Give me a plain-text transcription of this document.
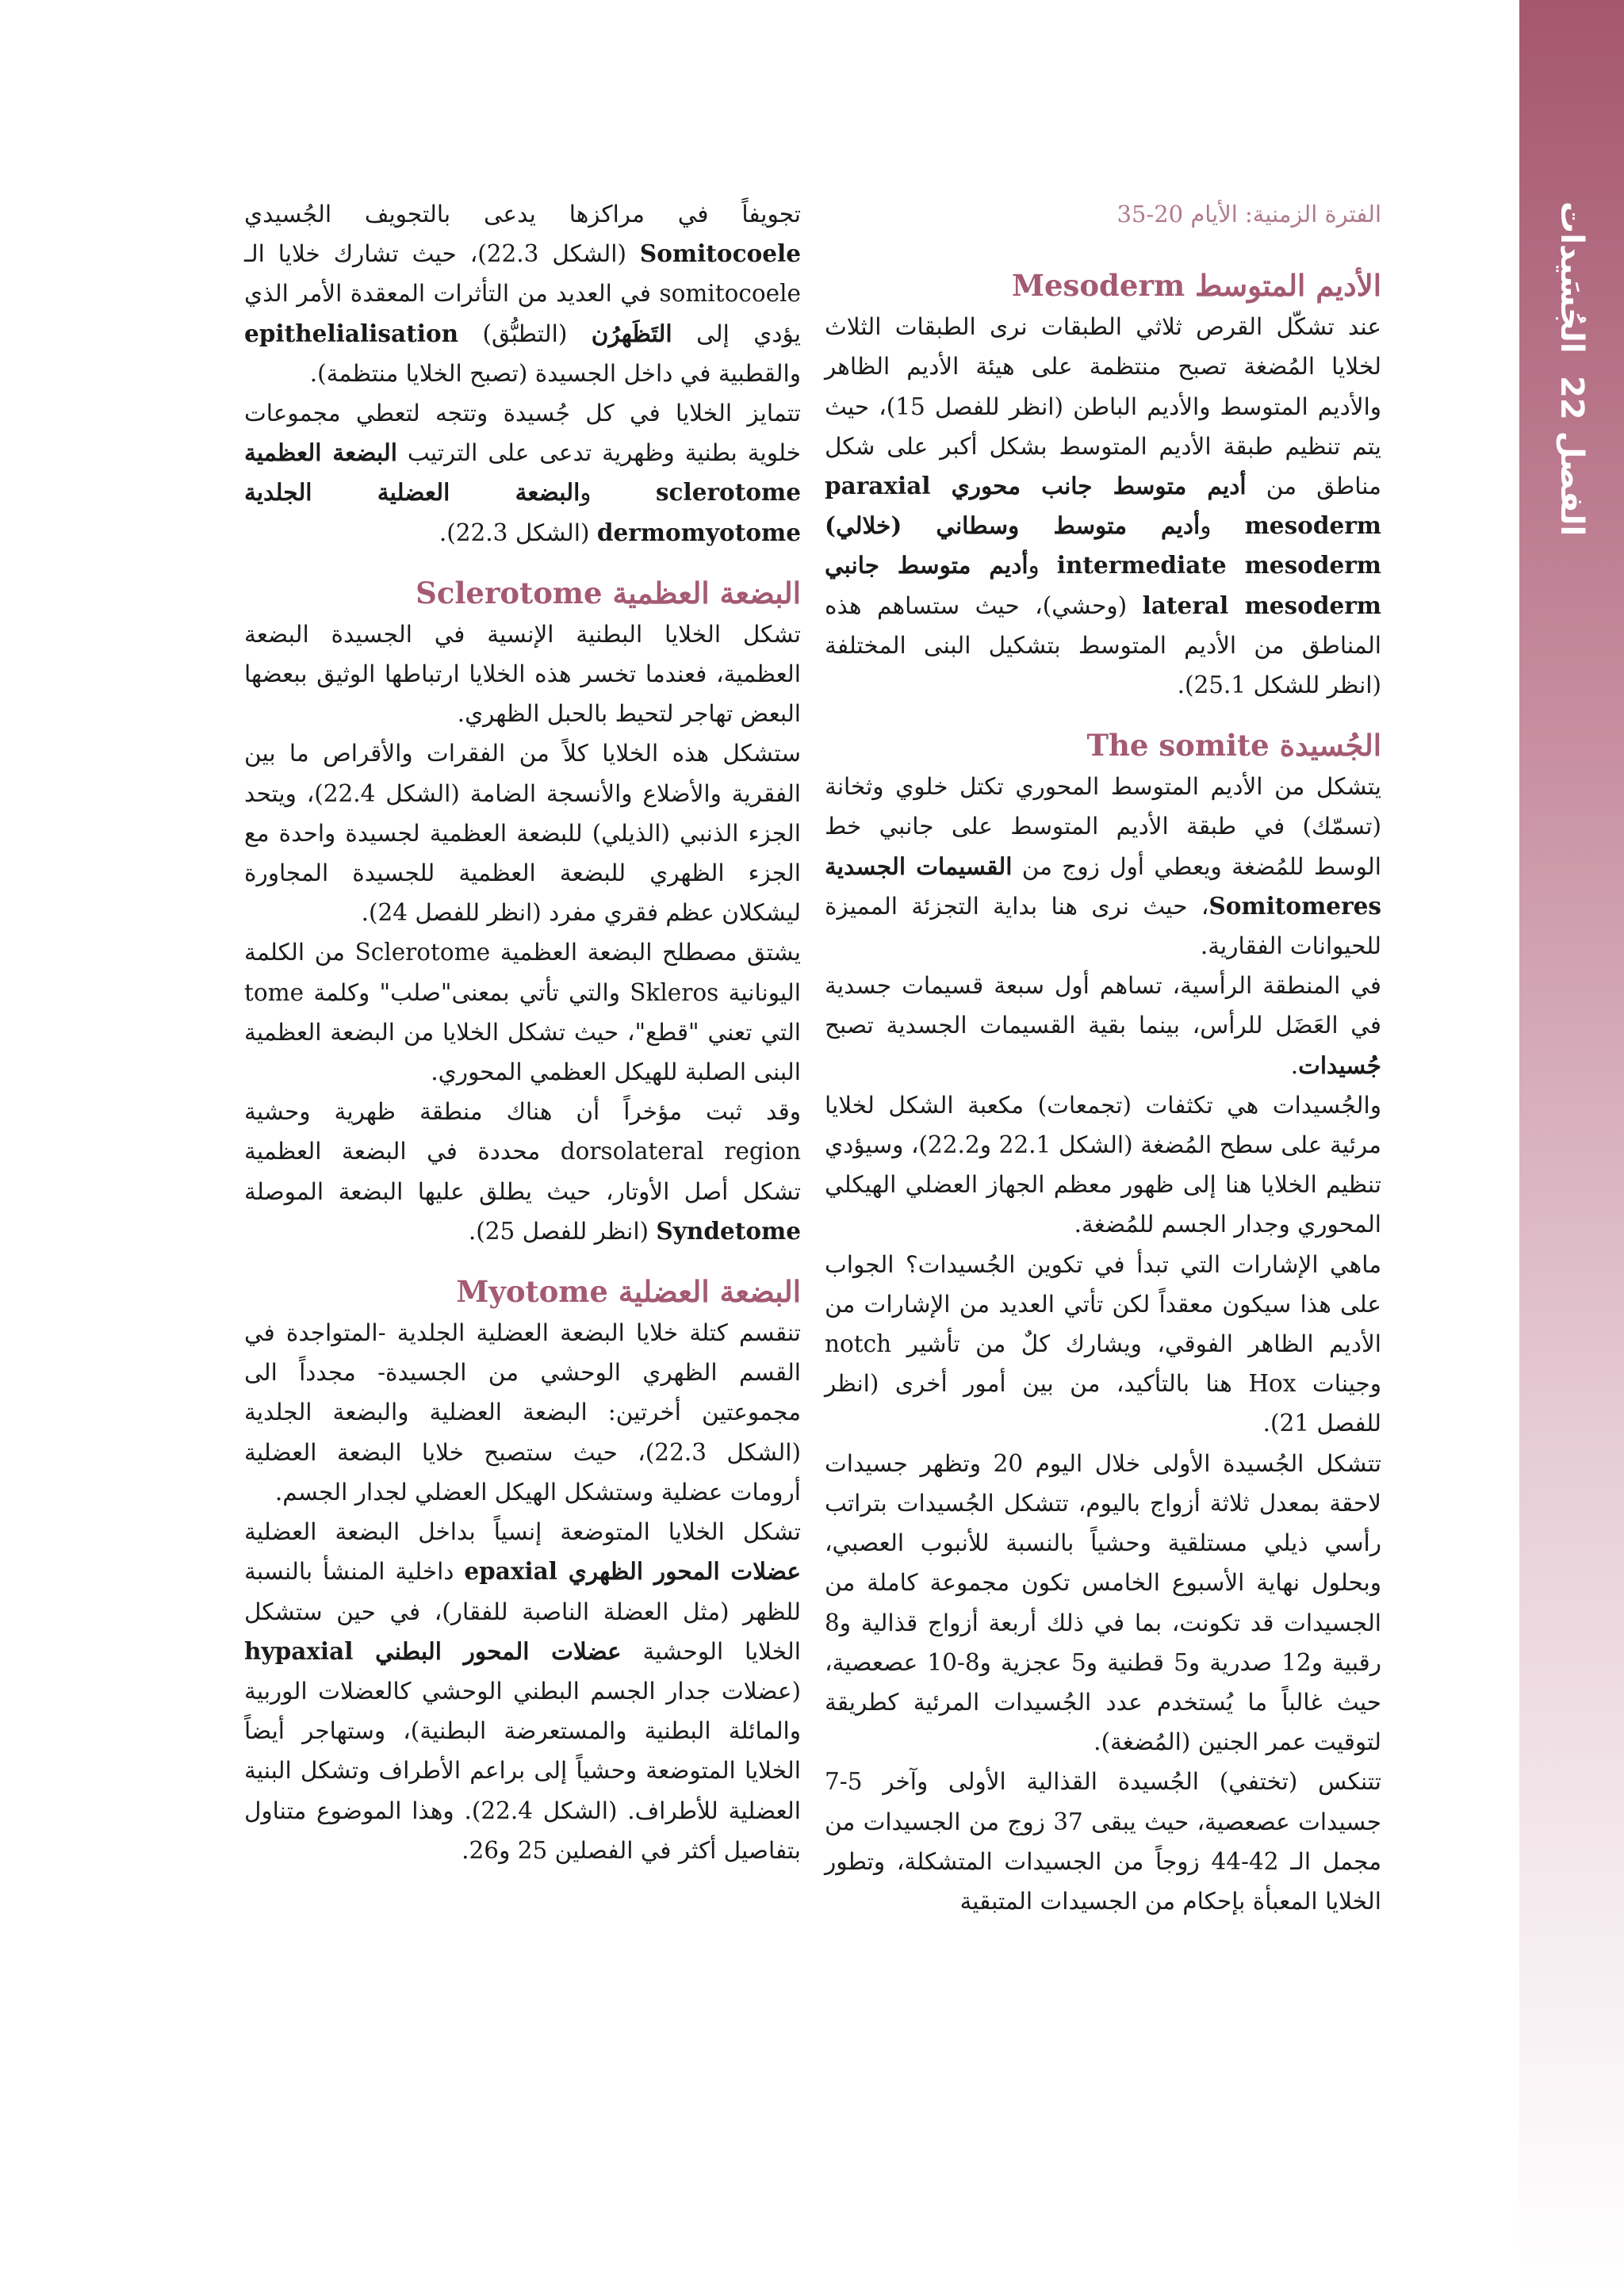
الفصل 22

الجُسَيدات

الفترة الزمنية: الأيام 20-35

الأديم المتوسط Mesoderm

عند تشكّل القرص ثلاثي الطبقات نرى الطبقات الثلاث لخلايا المُضغة تصبح منتظمة على هيئة الأديم الظاهر والأديم المتوسط والأديم الباطن (انظر للفصل 15)، حيث يتم تنظيم طبقة الأديم المتوسط بشكل أكبر على شكل مناطق من أديم متوسط جانب محوري paraxial mesoderm وأديم متوسط وسطاني (خلالي) intermediate mesoderm وأديم متوسط جانبي lateral mesoderm (وحشي)، حيث ستساهم هذه المناطق من الأديم المتوسط بتشكيل البنى المختلفة (انظر للشكل 25.1).

الجُسيدة The somite

يتشكل من الأديم المتوسط المحوري تكتل خلوي وثخانة (تسمّك) في طبقة الأديم المتوسط على جانبي خط الوسط للمُضغة ويعطي أول زوج من القسيمات الجسدية Somitomeres، حيث نرى هنا بداية التجزئة المميزة للحيوانات الفقارية.

في المنطقة الرأسية، تساهم أول سبعة قسيمات جسدية في العَضَل للرأس، بينما بقية القسيمات الجسدية تصبح جُسيدات.

والجُسيدات هي تكثفات (تجمعات) مكعبة الشكل لخلايا مرئية على سطح المُضغة (الشكل 22.1 و22.2)، وسيؤدي تنظيم الخلايا هنا إلى ظهور معظم الجهاز العضلي الهيكلي المحوري وجدار الجسم للمُضغة.

ماهي الإشارات التي تبدأ في تكوين الجُسيدات؟ الجواب على هذا سيكون معقداً لكن تأتي العديد من الإشارات من الأديم الظاهر الفوقي، ويشارك كلٌ من تأشير notch وجينات Hox هنا بالتأكيد، من بين أمور أخرى (انظر للفصل 21).

تتشكل الجُسيدة الأولى خلال اليوم 20 وتظهر جسيدات لاحقة بمعدل ثلاثة أزواج باليوم، تتشكل الجُسيدات بتراتب رأسي ذيلي مستلقية وحشياً بالنسبة للأنبوب العصبي، وبحلول نهاية الأسبوع الخامس تكون مجموعة كاملة من الجسيدات قد تكونت، بما في ذلك أربعة أزواج قذالية و8 رقبية و12 صدرية و5 قطنية و5 عجزية و8-10 عصعصية، حيث غالباً ما يُستخدم عدد الجُسيدات المرئية كطريقة لتوقيت عمر الجنين (المُضغة).

تتنكس (تختفي) الجُسيدة القذالية الأولى وآخر 5-7 جسيدات عصعصية، حيث يبقى 37 زوج من الجسيدات من مجمل الـ 42-44 زوجاً من الجسيدات المتشكلة، وتطور الخلايا المعبأة بإحكام من الجسيدات المتبقية

تجويفاً في مراكزها يدعى بالتجويف الجُسيدي Somitocoele (الشكل 22.3)، حيث تشارك خلايا الـ somitocoele في العديد من التأثرات المعقدة الأمر الذي يؤدي إلى التَظَهرُن (التطبُّق) epithelialisation والقطبية في داخل الجسيدة (تصبح الخلايا منتظمة).

تتمايز الخلايا في كل جُسيدة وتتجه لتعطي مجموعات خلوية بطنية وظهرية تدعى على الترتيب البضعة العظمية sclerotome والبضعة العضلية الجلدية dermomyotome (الشكل 22.3).

البضعة العظمية Sclerotome

تشكل الخلايا البطنية الإنسية في الجسيدة البضعة العظمية، فعندما تخسر هذه الخلايا ارتباطها الوثيق ببعضها البعض تهاجر لتحيط بالحبل الظهري.

ستشكل هذه الخلايا كلاً من الفقرات والأقراص ما بين الفقرية والأضلاع والأنسجة الضامة (الشكل 22.4)، ويتحد الجزء الذنبي (الذيلي) للبضعة العظمية لجسيدة واحدة مع الجزء الظهري للبضعة العظمية للجسيدة المجاورة ليشكلان عظم فقري مفرد (انظر للفصل 24).

يشتق مصطلح البضعة العظمية Sclerotome من الكلمة اليونانية Skleros والتي تأتي بمعنى"صلب" وكلمة tome التي تعني "قطع"، حيث تشكل الخلايا من البضعة العظمية البنى الصلبة للهيكل العظمي المحوري.

وقد ثبت مؤخراً أن هناك منطقة ظهرية وحشية dorsolateral region محددة في البضعة العظمية تشكل أصل الأوتار، حيث يطلق عليها البضعة الموصلة Syndetome (انظر للفصل 25).

البضعة العضلية Myotome

تنقسم كتلة خلايا البضعة العضلية الجلدية -المتواجدة في القسم الظهري الوحشي من الجسيدة- مجدداً الى مجموعتين أخرتين: البضعة العضلية والبضعة الجلدية (الشكل 22.3)، حيث ستصبح خلايا البضعة العضلية أرومات عضلية وستشكل الهيكل العضلي لجدار الجسم.

تشكل الخلايا المتوضعة إنسياً بداخل البضعة العضلية عضلات المحور الظهري epaxial داخلية المنشأ بالنسبة للظهر (مثل العضلة الناصبة للفقار)، في حين ستشكل الخلايا الوحشية عضلات المحور البطني hypaxial (عضلات جدار الجسم البطني الوحشي كالعضلات الوربية والمائلة البطنية والمستعرضة البطنية)، وستهاجر أيضاً الخلايا المتوضعة وحشياً إلى براعم الأطراف وتشكل البنية العضلية للأطراف. (الشكل 22.4). وهذا الموضوع متناول بتفاصيل أكثر في الفصلين 25 و26.
